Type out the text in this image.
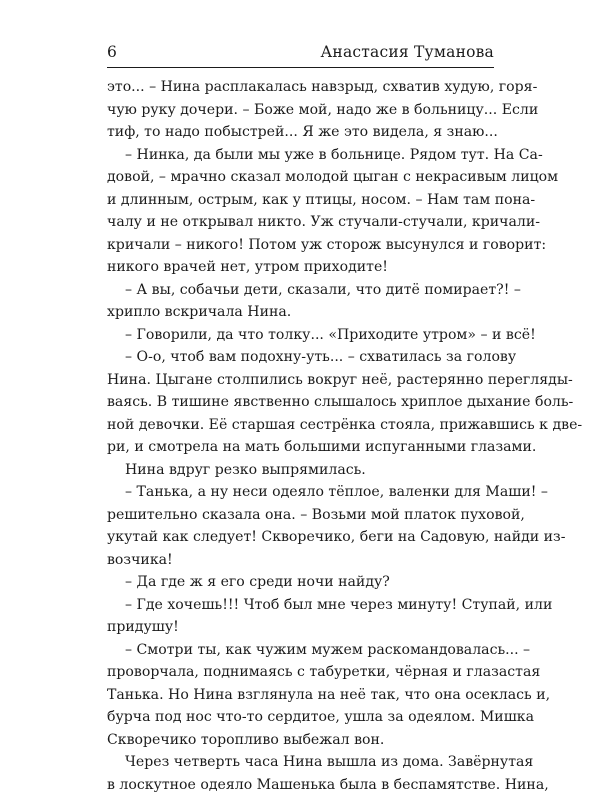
6	Анастасия Туманова
это... – Нина расплакалась навзрыд, схватив худую, горя-
чую руку дочери. – Боже мой, надо же в больницу... Если
тиф, то надо побыстрей... Я же это видела, я знаю...
– Нинка, да были мы уже в больнице. Рядом тут. На Са-
довой, – мрачно сказал молодой цыган с некрасивым лицом
и длинным, острым, как у птицы, носом. – Нам там пона-
чалу и не открывал никто. Уж стучали-стучали, кричали-
кричали – никого! Потом уж сторож высунулся и говорит:
никого врачей нет, утром приходите!
– А вы, собачьи дети, сказали, что дитё помирает?! –
хрипло вскричала Нина.
– Говорили, да что толку... «Приходите утром» – и всё!
– О-о, чтоб вам подохну-уть... – схватилась за голову
Нина. Цыгане столпились вокруг неё, растерянно перегляды-
ваясь. В тишине явственно слышалось хриплое дыхание боль-
ной девочки. Её старшая сестрёнка стояла, прижавшись к две-
ри, и смотрела на мать большими испуганными глазами.
Нина вдруг резко выпрямилась.
– Танька, а ну неси одеяло тёплое, валенки для Маши! –
решительно сказала она. – Возьми мой платок пуховой,
укутай как следует! Скворечико, беги на Садовую, найди из-
возчика!
– Да где ж я его среди ночи найду?
– Где хочешь!!! Чтоб был мне через минуту! Ступай, или
придушу!
– Смотри ты, как чужим мужем раскомандовалась... –
проворчала, поднимаясь с табуретки, чёрная и глазастая
Танька. Но Нина взглянула на неё так, что она осеклась и,
бурча под нос что-то сердитое, ушла за одеялом. Мишка
Скворечико торопливо выбежал вон.
Через четверть часа Нина вышла из дома. Завёрнутая
в лоскутное одеяло Машенька была в беспамятстве. Нина,
